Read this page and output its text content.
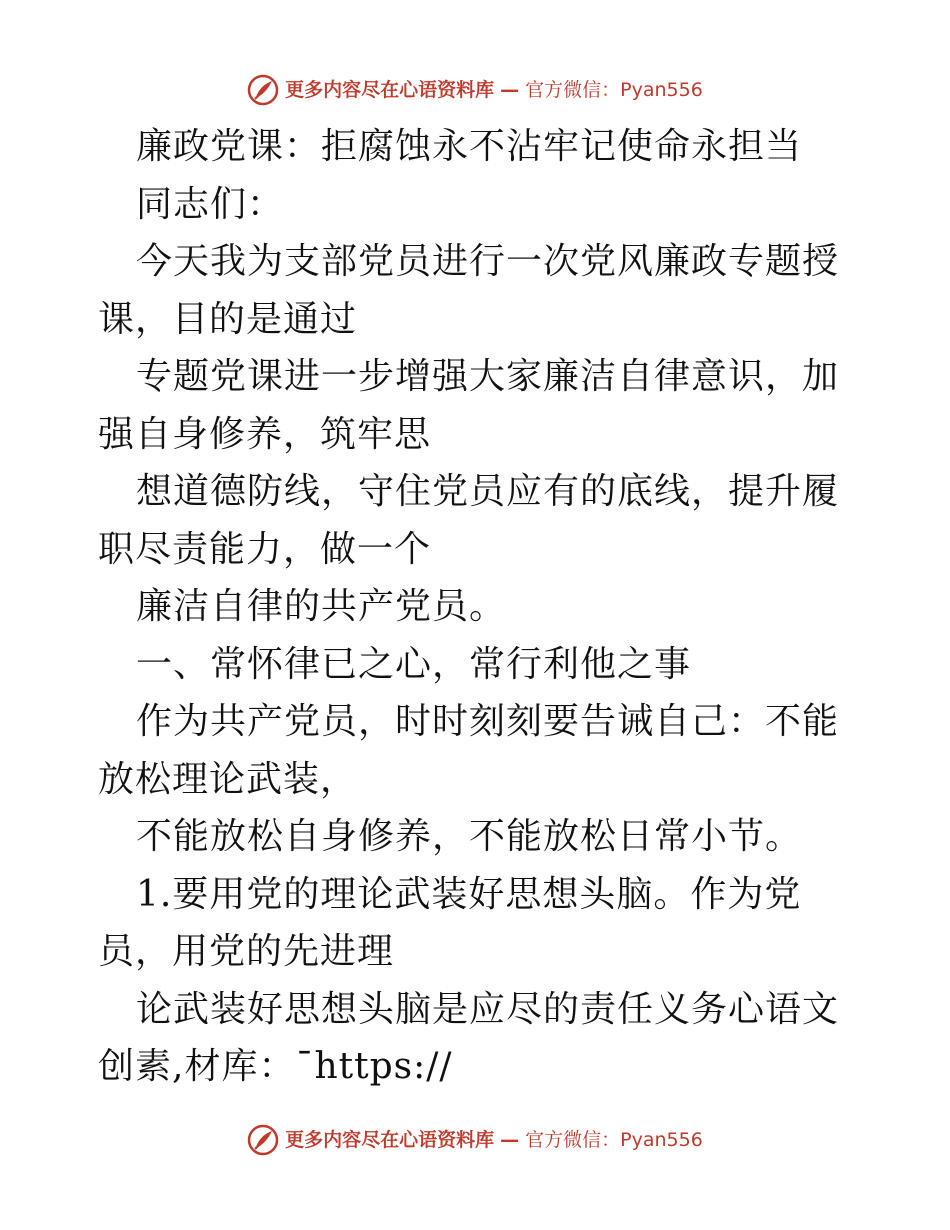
更多内容尽在心语资料库 — 官方微信：Pyan556

廉政党课：拒腐蚀永不沾牢记使命永担当

同志们：

今天我为支部党员进行一次党风廉政专题授课，目的是通过

专题党课进一步增强大家廉洁自律意识，加强自身修养，筑牢思

想道德防线，守住党员应有的底线，提升履职尽责能力，做一个

廉洁自律的共产党员。

一、常怀律已之心，常行利他之事

作为共产党员，时时刻刻要告诫自己：不能放松理论武装，

不能放松自身修养，不能放松日常小节。

1.要用党的理论武装好思想头脑。作为党员，用党的先进理

论武装好思想头脑是应尽的责任义务心语文创素,材库：¯https://

更多内容尽在心语资料库 — 官方微信：Pyan556
